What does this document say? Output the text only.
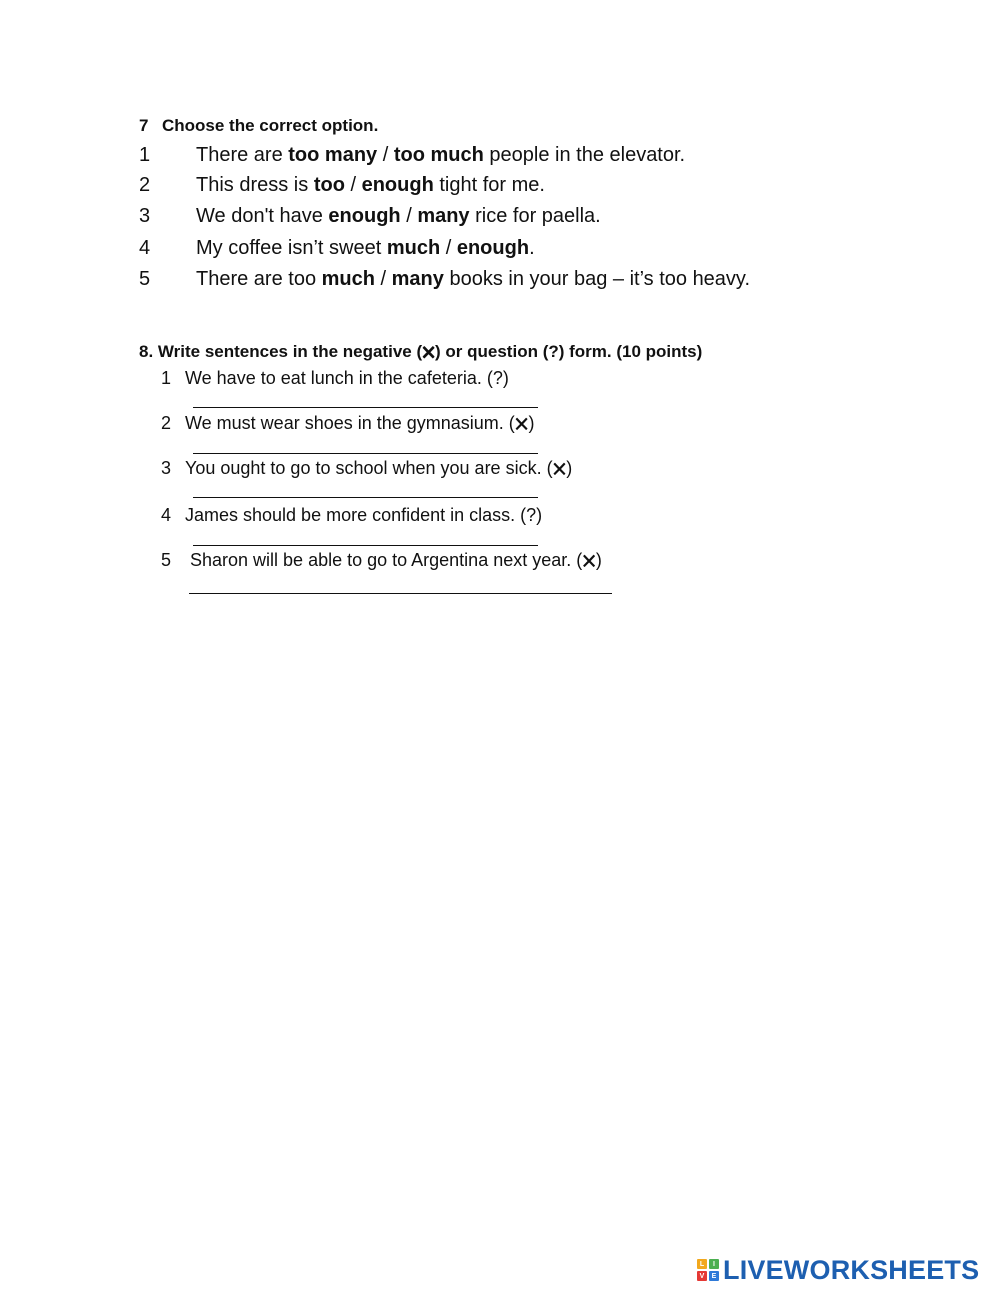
7 Choose the correct option.
1 There are too many / too much people in the elevator.
2 This dress is too / enough tight for me.
3 We don't have enough / many rice for paella.
4 My coffee isn’t sweet much / enough.
5 There are too much / many books in your bag – it’s too heavy.
8. Write sentences in the negative (🗙) or question (?) form. (10 points)
1 We have to eat lunch in the cafeteria. (?)
2 We must wear shoes in the gymnasium. (🗙)
3 You ought to go to school when you are sick. (🗙)
4 James should be more confident in class. (?)
5 Sharon will be able to go to Argentina next year. (🗙)
L	I
V	E LIVEWORKSHEETS
